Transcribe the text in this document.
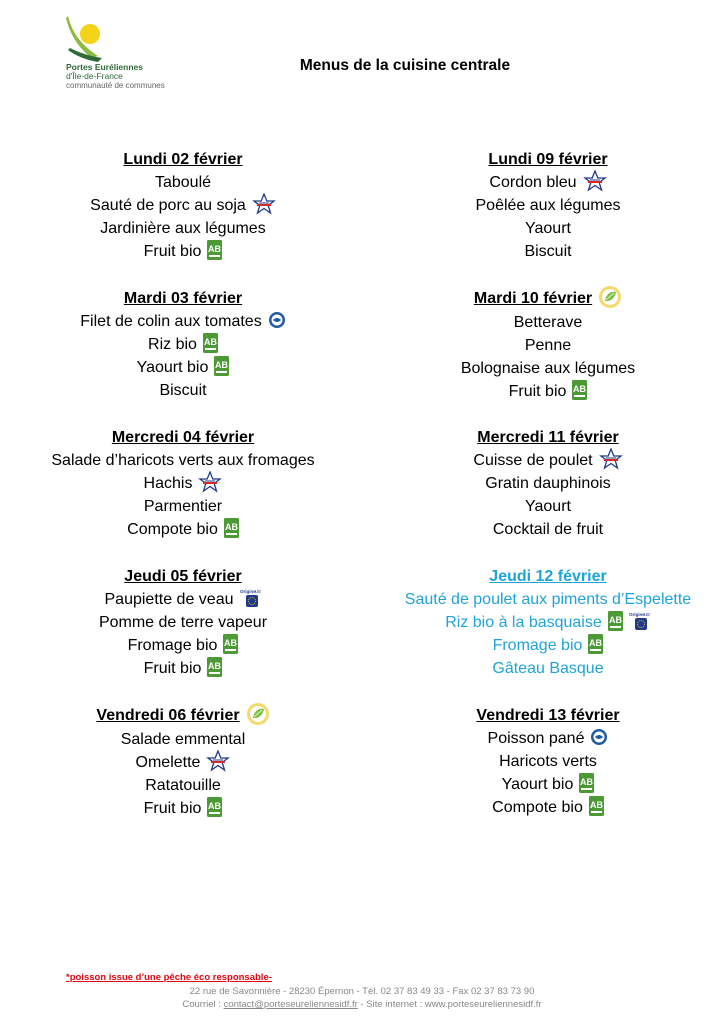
Portes Euréliennes
d'Île-de-France
communauté de communes
Menus de la cuisine centrale
Lundi 02 février
Taboulé
Sauté de porc au soja
Jardinière aux légumes
Fruit bio AB
Mardi 03 février
Filet de colin aux tomates
Riz bio AB
Yaourt bio AB
Biscuit
Mercredi 04 février
Salade d’haricots verts aux fromages
Hachis
Parmentier
Compote bio AB
Jeudi 05 février
Paupiette de veau Origine UE
Pomme de terre vapeur
Fromage bio AB
Fruit bio AB
Vendredi 06 février
Salade emmental
Omelette
Ratatouille
Fruit bio AB
Lundi 09 février
Cordon bleu
Poêlée aux légumes
Yaourt
Biscuit
Mardi 10 février
Betterave
Penne
Bolognaise aux légumes
Fruit bio AB
Mercredi 11 février
Cuisse de poulet
Gratin dauphinois
Yaourt
Cocktail de fruit
Jeudi 12 février
Sauté de poulet aux piments d’Espelette
Riz bio à la basquaise AB
Origine UE
Fromage bio AB
Gâteau Basque
Vendredi 13 février
Poisson pané
Haricots verts
Yaourt bio AB
Compote bio AB
*poisson issue d’une pêche éco responsable-
22 rue de Savonnière - 28230 Épernon - Tél. 02 37 83 49 33 - Fax 02 37 83 73 90
Courriel : contact@porteseureliennesidf.fr - Site internet : www.porteseureliennesidf.fr
